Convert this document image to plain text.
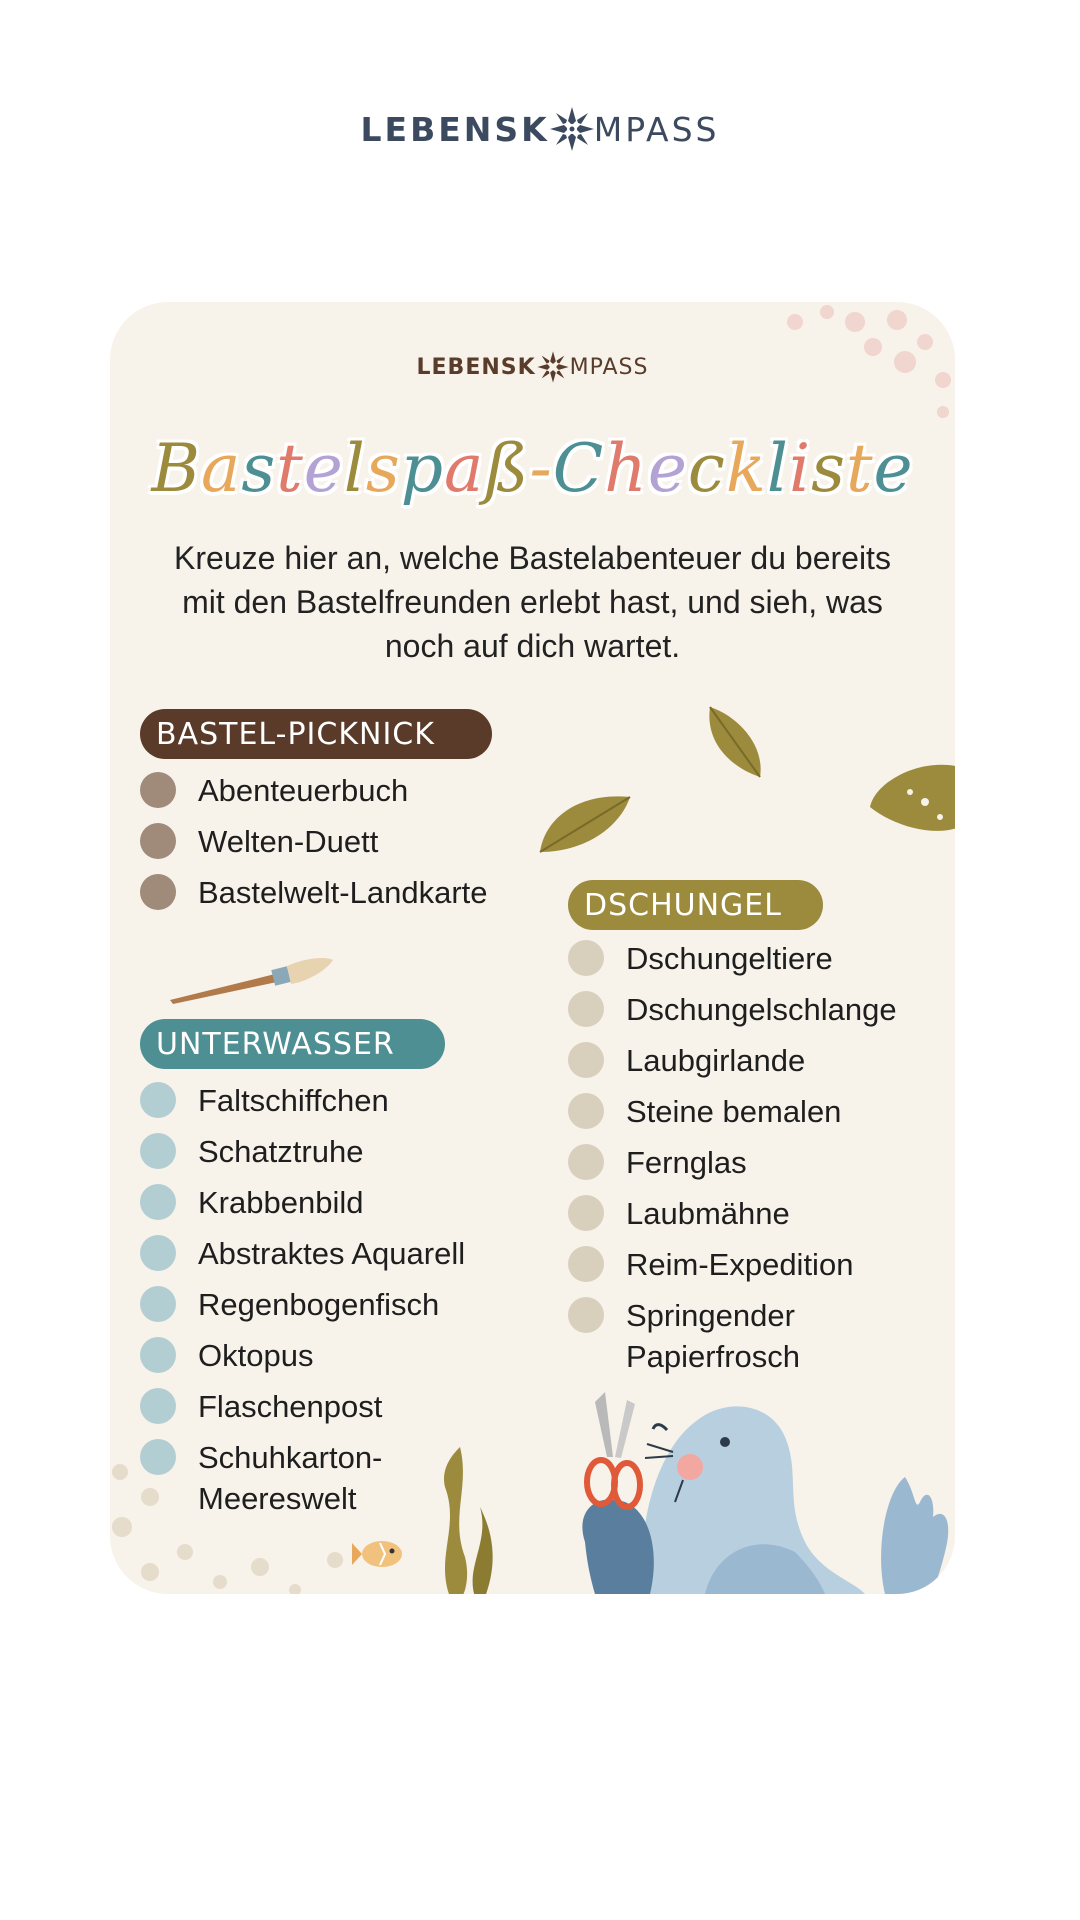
LEBENSK MPASS
LEBENSK MPASS
Bastelspaß-Checkliste
Kreuze hier an, welche Bastelabenteuer du bereits mit den Bastelfreunden erlebt hast, und sieh, was noch auf dich wartet.
BASTEL-PICKNICK
Abenteuerbuch
Welten-Duett
Bastelwelt-Landkarte
UNTERWASSER
Faltschiffchen
Schatztruhe
Krabbenbild
Abstraktes Aquarell
Regenbogenfisch
Oktopus
Flaschenpost
Schuhkarton-Meereswelt
DSCHUNGEL
Dschungeltiere
Dschungelschlange
Laubgirlande
Steine bemalen
Fernglas
Laubmähne
Reim-Expedition
Springender Papierfrosch
